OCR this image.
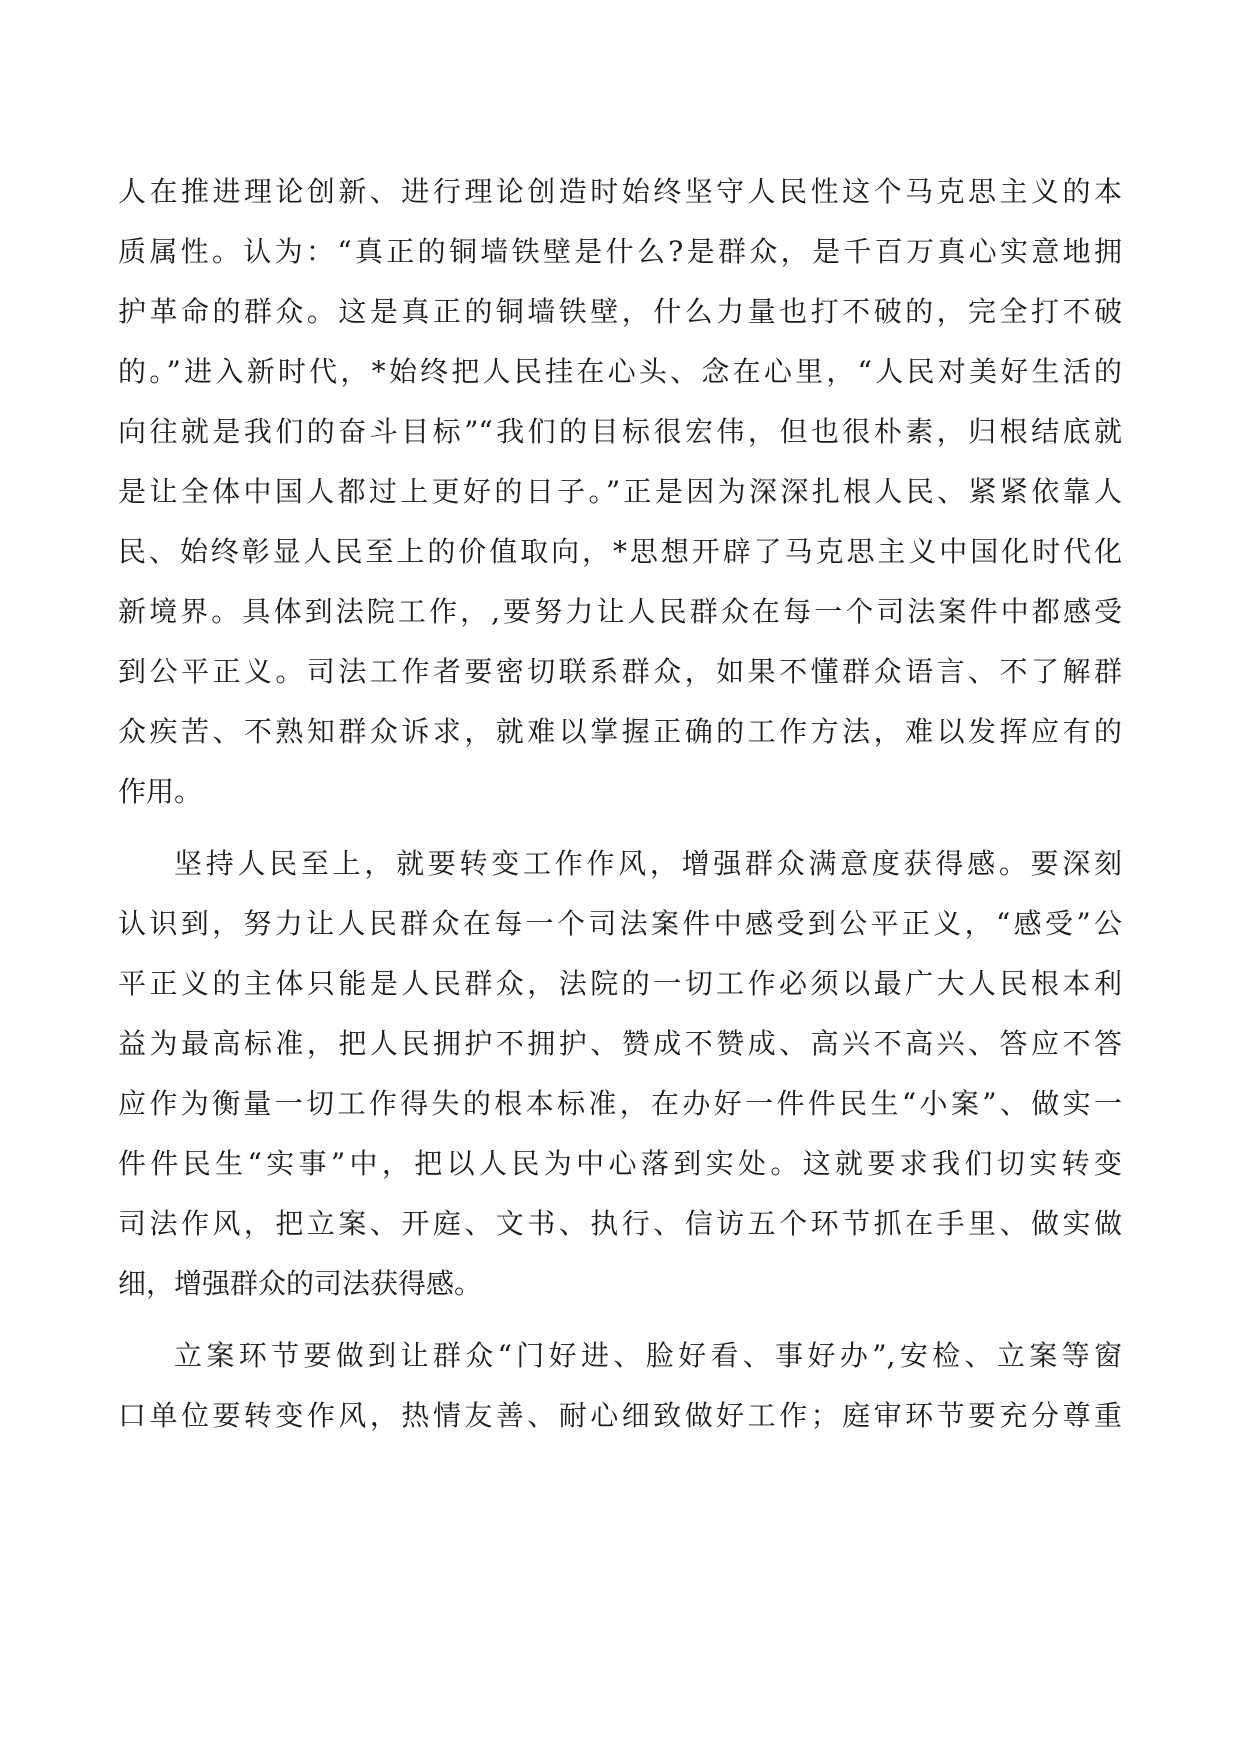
人在推进理论创新、进行理论创造时始终坚守人民性这个马克思主义的本
质属性。认为：“真正的铜墙铁壁是什么?是群众，是千百万真心实意地拥
护革命的群众。这是真正的铜墙铁壁，什么力量也打不破的，完全打不破
的。”进入新时代，*始终把人民挂在心头、念在心里，“人民对美好生活的
向往就是我们的奋斗目标”“我们的目标很宏伟，但也很朴素，归根结底就
是让全体中国人都过上更好的日子。”正是因为深深扎根人民、紧紧依靠人
民、始终彰显人民至上的价值取向，*思想开辟了马克思主义中国化时代化
新境界。具体到法院工作，,要努力让人民群众在每一个司法案件中都感受
到公平正义。司法工作者要密切联系群众，如果不懂群众语言、不了解群
众疾苦、不熟知群众诉求，就难以掌握正确的工作方法，难以发挥应有的
作用。
坚持人民至上，就要转变工作作风，增强群众满意度获得感。要深刻
认识到，努力让人民群众在每一个司法案件中感受到公平正义，“感受”公
平正义的主体只能是人民群众，法院的一切工作必须以最广大人民根本利
益为最高标准，把人民拥护不拥护、赞成不赞成、高兴不高兴、答应不答
应作为衡量一切工作得失的根本标准，在办好一件件民生“小案”、做实一
件件民生“实事”中，把以人民为中心落到实处。这就要求我们切实转变
司法作风，把立案、开庭、文书、执行、信访五个环节抓在手里、做实做
细，增强群众的司法获得感。
立案环节要做到让群众“门好进、脸好看、事好办”,安检、立案等窗
口单位要转变作风，热情友善、耐心细致做好工作；庭审环节要充分尊重
